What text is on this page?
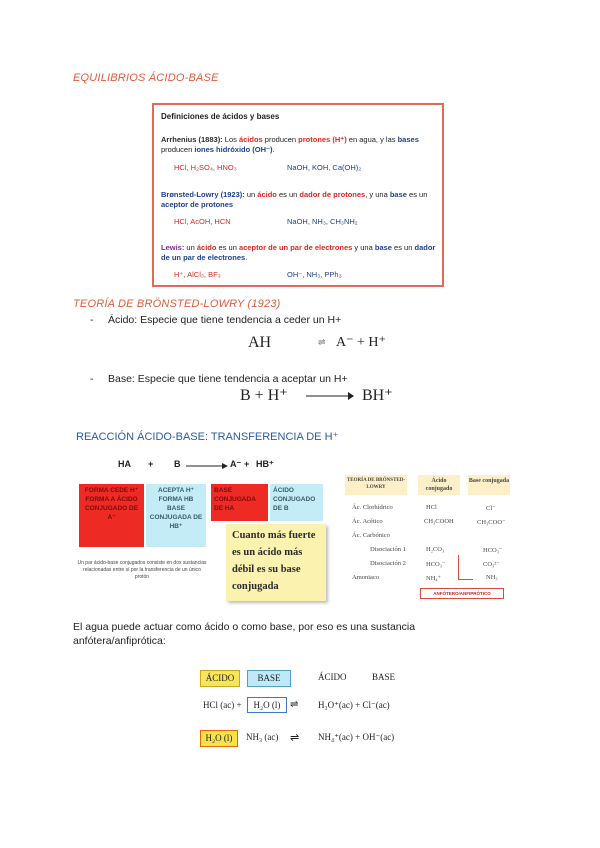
EQUILIBRIOS ÁCIDO-BASE
Definiciones de ácidos y bases
Arrhenius (1883): Los ácidos producen protones (H⁺) en agua, y las bases producen iones hidróxido (OH⁻).
HCl, H₂SO₄, HNO₃	NaOH, KOH, Ca(OH)₂
Brønsted-Lowry (1923): un ácido es un dador de protones, y una base es un aceptor de protones
HCl, AcOH, HCN	NaOH, NH₃, CH₃NH₂
Lewis: un ácido es un aceptor de un par de electrones y una base es un dador de un par de electrones.
H⁺, AlCl₃, BF₃	OH⁻, NH₃, PPh₃
TEORÍA DE BRÖNSTED-LOWRY (1923)
- Ácido: Especie que tiene tendencia a ceder un H+
AH	⇌ A⁻ + H⁺
- Base: Especie que tiene tendencia a aceptar un H+
B + H⁺	BH⁺
REACCIÓN ÁCIDO-BASE: TRANSFERENCIA DE H⁺
HA + B → A⁻ + HB⁺
FORMA CEDE H⁺ FORMA A ÁCIDO CONJUGADO DE A⁻
ACEPTA H⁺ FORMA HB BASE CONJUGADA DE HB⁺
BASE CONJUGADA DE HA
ÁCIDO CONJUGADO DE B
Un par ácido-base conjugados consiste en dos sustancias relacionadas entre sí por la transferencia de un único protón
Cuanto más fuerte es un ácido más débil es su base conjugada
TEORÍA DE BRÖNSTED-LOWRY
Ácido conjugado
Base conjugada
Ác. Clorhídrico	HCl	Cl⁻
Ác. Acético	CH₃COOH	CH₃COO⁻
Ác. Carbónico
Disociación 1	H₂CO₃	HCO₃⁻
Disociación 2	HCO₃⁻	CO₃²⁻
Amoniaco	NH₄⁺	NH₃
ANFÓTERO/ANFIPRÓTICO
El agua puede actuar como ácido o como base, por eso es una sustancia anfótera/anfiprótica:
ÁCIDO	BASE	ÁCIDO	BASE
HCl (ac) +	H₂O (l) ⇌ H₃O⁺(ac) + Cl⁻(ac)
H₂O (l)	NH₃ (ac) ⇌ NH₄⁺(ac) + OH⁻(ac)
